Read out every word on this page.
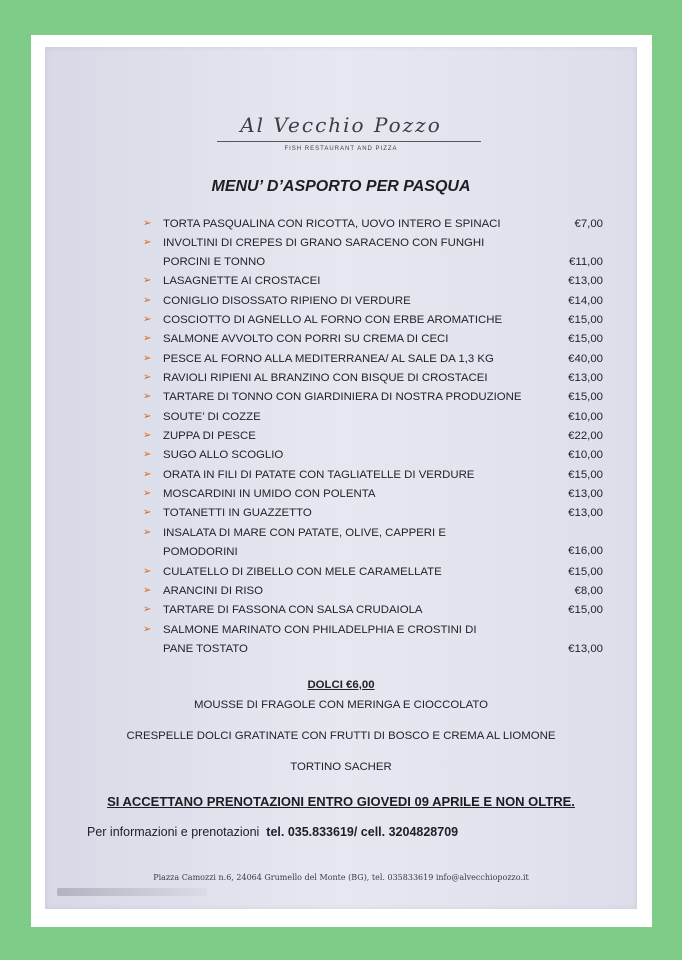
Al Vecchio Pozzo
FISH RESTAURANT AND PIZZA
MENU’ D’ASPORTO PER PASQUA
➢ TORTA PASQUALINA CON RICOTTA, UOVO INTERO E SPINACI	€7,00
➢ INVOLTINI DI CREPES DI GRANO SARACENO CON FUNGHI
PORCINI E TONNO	€11,00
➢ LASAGNETTE AI CROSTACEI	€13,00
➢ CONIGLIO DISOSSATO RIPIENO DI VERDURE	€14,00
➢ COSCIOTTO DI AGNELLO AL FORNO CON ERBE AROMATICHE	€15,00
➢ SALMONE AVVOLTO CON PORRI SU CREMA DI CECI	€15,00
➢ PESCE AL FORNO ALLA MEDITERRANEA/ AL SALE DA 1,3 KG	€40,00
➢ RAVIOLI RIPIENI AL BRANZINO CON BISQUE DI CROSTACEI	€13,00
➢ TARTARE DI TONNO CON GIARDINIERA DI NOSTRA PRODUZIONE	€15,00
➢ SOUTE’ DI COZZE	€10,00
➢ ZUPPA DI PESCE	€22,00
➢ SUGO ALLO SCOGLIO	€10,00
➢ ORATA IN FILI DI PATATE CON TAGLIATELLE DI VERDURE	€15,00
➢ MOSCARDINI IN UMIDO CON POLENTA	€13,00
➢ TOTANETTI IN GUAZZETTO	€13,00
➢ INSALATA DI MARE CON PATATE, OLIVE, CAPPERI E
POMODORINI	€16,00
➢ CULATELLO DI ZIBELLO CON MELE CARAMELLATE	€15,00
➢ ARANCINI DI RISO	€8,00
➢ TARTARE DI FASSONA CON SALSA CRUDAIOLA	€15,00
➢ SALMONE MARINATO CON PHILADELPHIA E CROSTINI DI
PANE TOSTATO	€13,00
DOLCI €6,00
MOUSSE DI FRAGOLE CON MERINGA E CIOCCOLATO
CRESPELLE DOLCI GRATINATE CON FRUTTI DI BOSCO E CREMA AL LIOMONE
TORTINO SACHER
SI ACCETTANO PRENOTAZIONI ENTRO GIOVEDI 09 APRILE E NON OLTRE.
Per informazioni e prenotazioni tel. 035.833619/ cell. 3204828709
Piazza Camozzi n.6, 24064 Grumello del Monte (BG), tel. 035833619 info@alvecchiopozzo.it
